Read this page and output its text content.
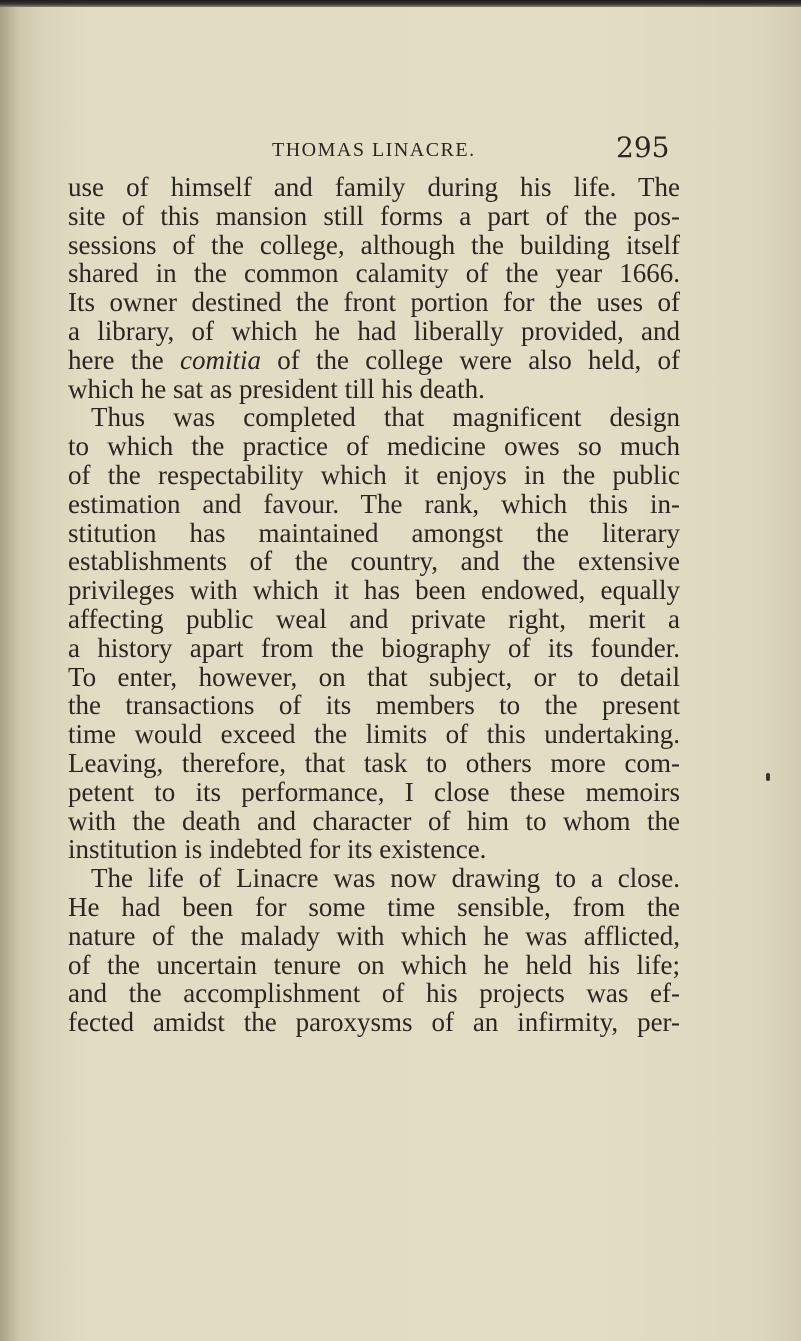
THOMAS LINACRE.	295
use of himself and family during his life. The
site of this mansion still forms a part of the pos-
sessions of the college, although the building itself
shared in the common calamity of the year 1666.
Its owner destined the front portion for the uses of
a library, of which he had liberally provided, and
here the comitia of the college were also held, of
which he sat as president till his death.
Thus was completed that magnificent design
to which the practice of medicine owes so much
of the respectability which it enjoys in the public
estimation and favour. The rank, which this in-
stitution has maintained amongst the literary
establishments of the country, and the extensive
privileges with which it has been endowed, equally
affecting public weal and private right, merit a
a history apart from the biography of its founder.
To enter, however, on that subject, or to detail
the transactions of its members to the present
time would exceed the limits of this undertaking.
Leaving, therefore, that task to others more com-
petent to its performance, I close these memoirs
with the death and character of him to whom the
institution is indebted for its existence.
The life of Linacre was now drawing to a close.
He had been for some time sensible, from the
nature of the malady with which he was afflicted,
of the uncertain tenure on which he held his life;
and the accomplishment of his projects was ef-
fected amidst the paroxysms of an infirmity, per-
